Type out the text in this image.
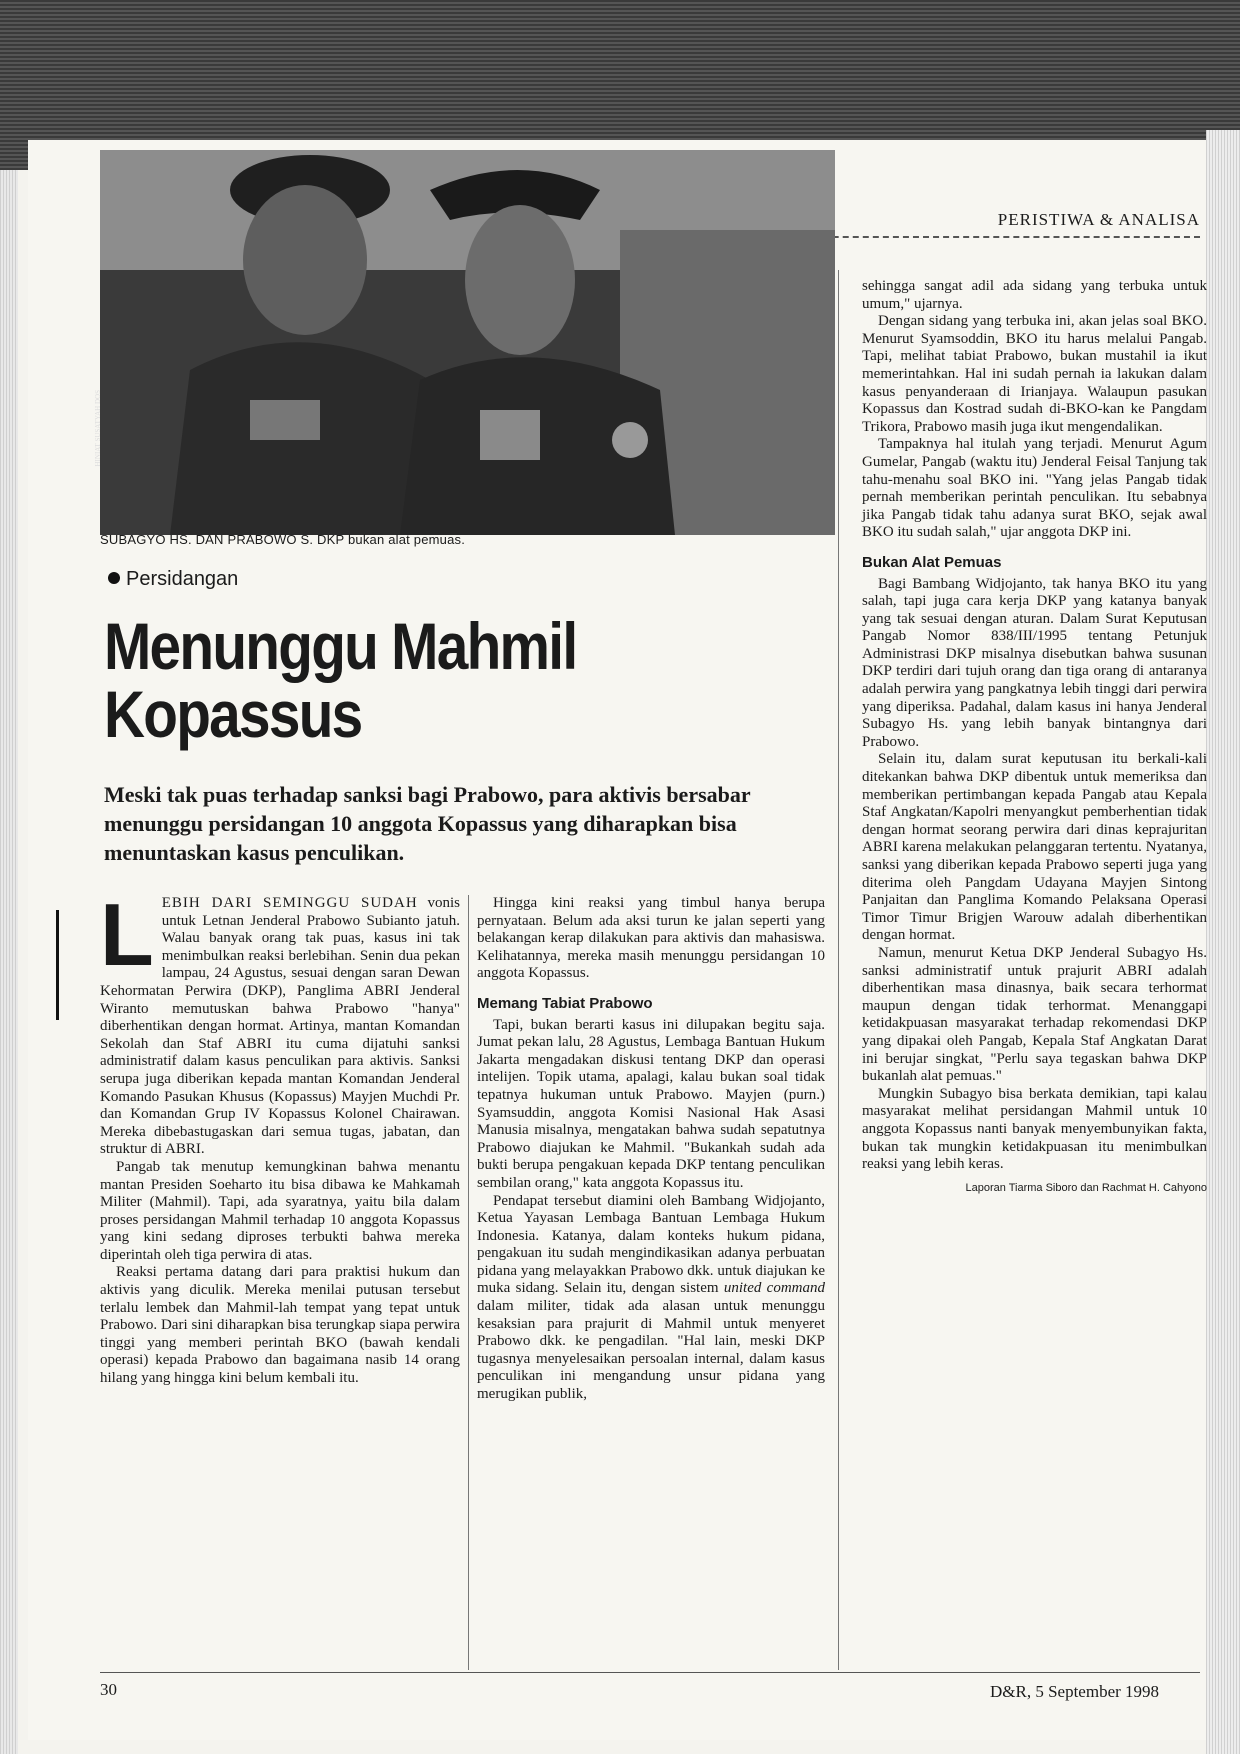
PERISTIWA & ANALISA
HINIAT SUSATYAH DOS
SUBAGYO HS. DAN PRABOWO S. DKP bukan alat pemuas.
Persidangan
Menunggu Mahmil Kopassus
Meski tak puas terhadap sanksi bagi Prabowo, para aktivis bersabar menunggu persidangan 10 anggota Kopassus yang diharapkan bisa menuntaskan kasus penculikan.

LEBIH DARI SEMINGGU SUDAH vonis untuk Letnan Jenderal Prabowo Subianto jatuh. Walau banyak orang tak puas, kasus ini tak menimbulkan reaksi berlebihan. Senin dua pekan lampau, 24 Agustus, sesuai dengan saran Dewan Kehormatan Perwira (DKP), Panglima ABRI Jenderal Wiranto memutuskan bahwa Prabowo "hanya" diberhentikan dengan hormat. Artinya, mantan Komandan Sekolah dan Staf ABRI itu cuma dijatuhi sanksi administratif dalam kasus penculikan para aktivis. Sanksi serupa juga diberikan kepada mantan Komandan Jenderal Komando Pasukan Khusus (Kopassus) Mayjen Muchdi Pr. dan Komandan Grup IV Kopassus Kolonel Chairawan. Mereka dibebastugaskan dari semua tugas, jabatan, dan struktur di ABRI.

Pangab tak menutup kemungkinan bahwa menantu mantan Presiden Soeharto itu bisa dibawa ke Mahkamah Militer (Mahmil). Tapi, ada syaratnya, yaitu bila dalam proses persidangan Mahmil terhadap 10 anggota Kopassus yang kini sedang diproses terbukti bahwa mereka diperintah oleh tiga perwira di atas.

Reaksi pertama datang dari para praktisi hukum dan aktivis yang diculik. Mereka menilai putusan tersebut terlalu lembek dan Mahmil-lah tempat yang tepat untuk Prabowo. Dari sini diharapkan bisa terungkap siapa perwira tinggi yang memberi perintah BKO (bawah kendali operasi) kepada Prabowo dan bagaimana nasib 14 orang hilang yang hingga kini belum kembali itu.

Hingga kini reaksi yang timbul hanya berupa pernyataan. Belum ada aksi turun ke jalan seperti yang belakangan kerap dilakukan para aktivis dan mahasiswa. Kelihatannya, mereka masih menunggu persidangan 10 anggota Kopassus.

Memang Tabiat Prabowo

Tapi, bukan berarti kasus ini dilupakan begitu saja. Jumat pekan lalu, 28 Agustus, Lembaga Bantuan Hukum Jakarta mengadakan diskusi tentang DKP dan operasi intelijen. Topik utama, apalagi, kalau bukan soal tidak tepatnya hukuman untuk Prabowo. Mayjen (purn.) Syamsuddin, anggota Komisi Nasional Hak Asasi Manusia misalnya, mengatakan bahwa sudah sepatutnya Prabowo diajukan ke Mahmil. "Bukankah sudah ada bukti berupa pengakuan kepada DKP tentang penculikan sembilan orang," kata anggota Kopassus itu.

Pendapat tersebut diamini oleh Bambang Widjojanto, Ketua Yayasan Lembaga Bantuan Lembaga Hukum Indonesia. Katanya, dalam konteks hukum pidana, pengakuan itu sudah mengindikasikan adanya perbuatan pidana yang melayakkan Prabowo dkk. untuk diajukan ke muka sidang. Selain itu, dengan sistem united command dalam militer, tidak ada alasan untuk menunggu kesaksian para prajurit di Mahmil untuk menyeret Prabowo dkk. ke pengadilan. "Hal lain, meski DKP tugasnya menyelesaikan persoalan internal, dalam kasus penculikan ini mengandung unsur pidana yang merugikan publik,

sehingga sangat adil ada sidang yang terbuka untuk umum," ujarnya.

Dengan sidang yang terbuka ini, akan jelas soal BKO. Menurut Syamsoddin, BKO itu harus melalui Pangab. Tapi, melihat tabiat Prabowo, bukan mustahil ia ikut memerintahkan. Hal ini sudah pernah ia lakukan dalam kasus penyanderaan di Irianjaya. Walaupun pasukan Kopassus dan Kostrad sudah di-BKO-kan ke Pangdam Trikora, Prabowo masih juga ikut mengendalikan.

Tampaknya hal itulah yang terjadi. Menurut Agum Gumelar, Pangab (waktu itu) Jenderal Feisal Tanjung tak tahu-menahu soal BKO ini. "Yang jelas Pangab tidak pernah memberikan perintah penculikan. Itu sebabnya jika Pangab tidak tahu adanya surat BKO, sejak awal BKO itu sudah salah," ujar anggota DKP ini.

Bukan Alat Pemuas

Bagi Bambang Widjojanto, tak hanya BKO itu yang salah, tapi juga cara kerja DKP yang katanya banyak yang tak sesuai dengan aturan. Dalam Surat Keputusan Pangab Nomor 838/III/1995 tentang Petunjuk Administrasi DKP misalnya disebutkan bahwa susunan DKP terdiri dari tujuh orang dan tiga orang di antaranya adalah perwira yang pangkatnya lebih tinggi dari perwira yang diperiksa. Padahal, dalam kasus ini hanya Jenderal Subagyo Hs. yang lebih banyak bintangnya dari Prabowo.

Selain itu, dalam surat keputusan itu berkali-kali ditekankan bahwa DKP dibentuk untuk memeriksa dan memberikan pertimbangan kepada Pangab atau Kepala Staf Angkatan/Kapolri menyangkut pemberhentian tidak dengan hormat seorang perwira dari dinas keprajuritan ABRI karena melakukan pelanggaran tertentu. Nyatanya, sanksi yang diberikan kepada Prabowo seperti juga yang diterima oleh Pangdam Udayana Mayjen Sintong Panjaitan dan Panglima Komando Pelaksana Operasi Timor Timur Brigjen Warouw adalah diberhentikan dengan hormat.

Namun, menurut Ketua DKP Jenderal Subagyo Hs. sanksi administratif untuk prajurit ABRI adalah diberhentikan masa dinasnya, baik secara terhormat maupun dengan tidak terhormat. Menanggapi ketidakpuasan masyarakat terhadap rekomendasi DKP yang dipakai oleh Pangab, Kepala Staf Angkatan Darat ini berujar singkat, "Perlu saya tegaskan bahwa DKP bukanlah alat pemuas."

Mungkin Subagyo bisa berkata demikian, tapi kalau masyarakat melihat persidangan Mahmil untuk 10 anggota Kopassus nanti banyak menyembunyikan fakta, bukan tak mungkin ketidakpuasan itu menimbulkan reaksi yang lebih keras.

Laporan Tiarma Siboro dan Rachmat H. Cahyono
30	D&R, 5 September 1998
